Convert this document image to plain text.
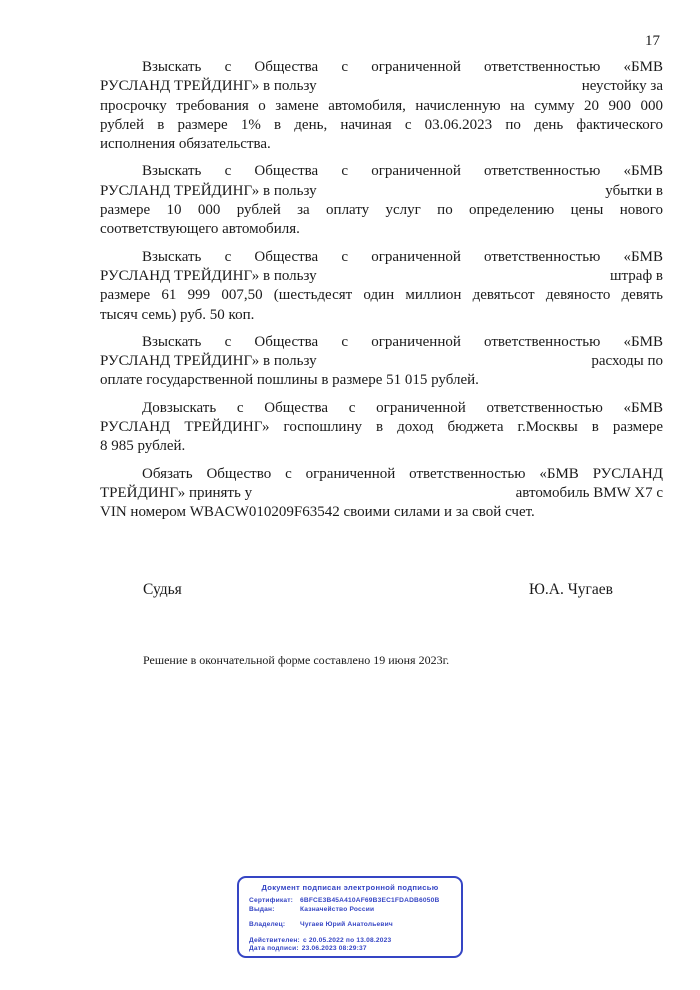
17
Взыскать с Общества с ограниченной ответственностью «БМВ
РУСЛАНД ТРЕЙДИНГ» в пользу	неустойку за
просрочку требования о замене автомобиля, начисленную на сумму 20 900 000
рублей в размере 1% в день, начиная с 03.06.2023 по день фактического
исполнения обязательства.
Взыскать с Общества с ограниченной ответственностью «БМВ
РУСЛАНД ТРЕЙДИНГ» в пользу	убытки в
размере 10 000 рублей за оплату услуг по определению цены нового
соответствующего автомобиля.
Взыскать с Общества с ограниченной ответственностью «БМВ
РУСЛАНД ТРЕЙДИНГ» в пользу	штраф в
размере 61 999 007,50 (шестьдесят один миллион девятьсот девяносто девять
тысяч семь) руб. 50 коп.
Взыскать с Общества с ограниченной ответственностью «БМВ
РУСЛАНД ТРЕЙДИНГ» в пользу	расходы по
оплате государственной пошлины в размере 51 015 рублей.
Довзыскать с Общества с ограниченной ответственностью «БМВ
РУСЛАНД ТРЕЙДИНГ» госпошлину в доход бюджета г.Москвы в размере
8 985 рублей.
Обязать Общество с ограниченной ответственностью «БМВ РУСЛАНД
ТРЕЙДИНГ» принять у	автомобиль BMW X7 с
VIN номером WBACW010209F63542 своими силами и за свой счет.
Судья	Ю.А. Чугаев
Решение в окончательной форме составлено 19 июня 2023г.
Документ подписан электронной подписью
Сертификат:	6BFCE3B45A410AF69B3EC1FDADB6050B
Выдан:	Казначейство России
Владелец:	Чугаев Юрий Анатольевич
Действителен: с 20.05.2022 по 13.08.2023
Дата подписи: 23.06.2023 08:29:37
